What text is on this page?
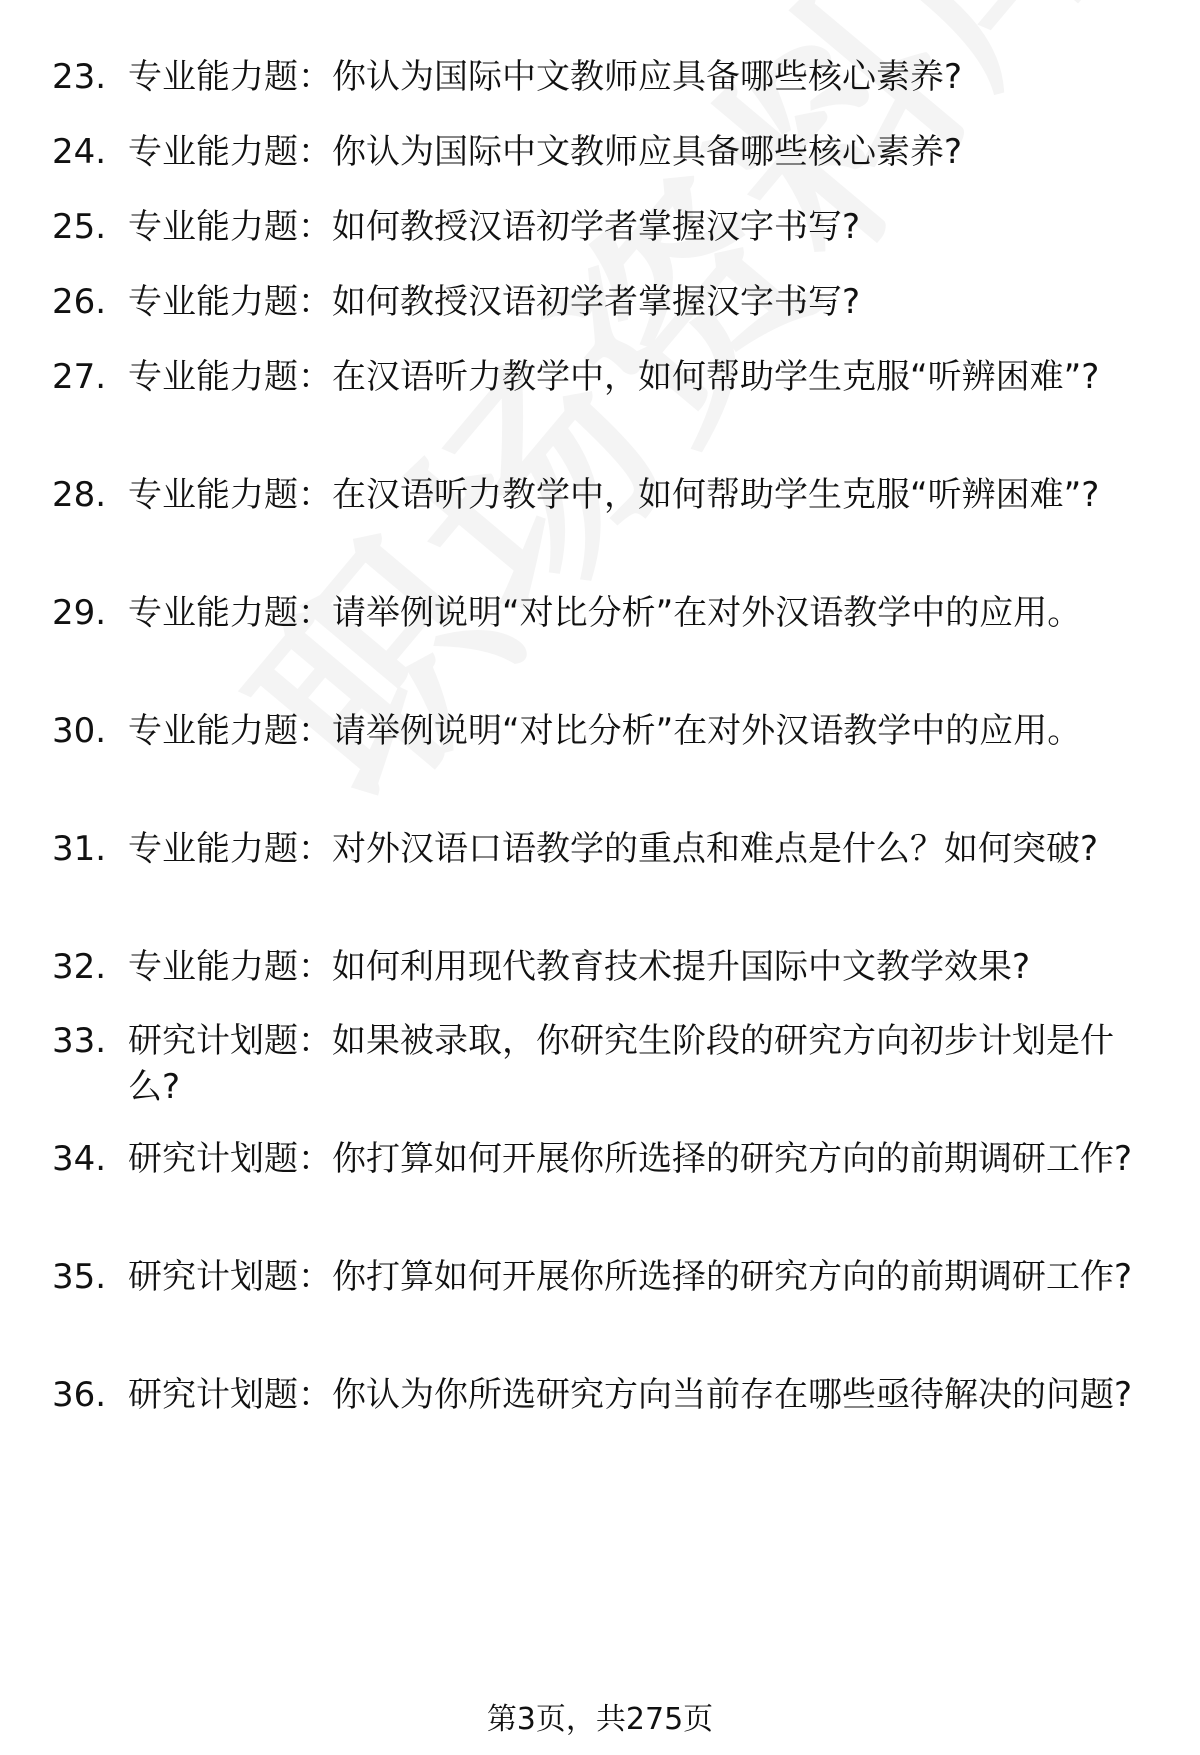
23. 专业能力题：你认为国际中文教师应具备哪些核心素养?
24. 专业能力题：你认为国际中文教师应具备哪些核心素养?
25. 专业能力题：如何教授汉语初学者掌握汉字书写?
26. 专业能力题：如何教授汉语初学者掌握汉字书写?
27. 专业能力题：在汉语听力教学中，如何帮助学生克服“听辨困难”?
28. 专业能力题：在汉语听力教学中，如何帮助学生克服“听辨困难”?
29. 专业能力题：请举例说明“对比分析”在对外汉语教学中的应用。
30. 专业能力题：请举例说明“对比分析”在对外汉语教学中的应用。
31. 专业能力题：对外汉语口语教学的重点和难点是什么？如何突破?
32. 专业能力题：如何利用现代教育技术提升国际中文教学效果?
33. 研究计划题：如果被录取，你研究生阶段的研究方向初步计划是什么?
34. 研究计划题：你打算如何开展你所选择的研究方向的前期调研工作?
35. 研究计划题：你打算如何开展你所选择的研究方向的前期调研工作?
36. 研究计划题：你认为你所选研究方向当前存在哪些亟待解决的问题?
第3页，共275页
